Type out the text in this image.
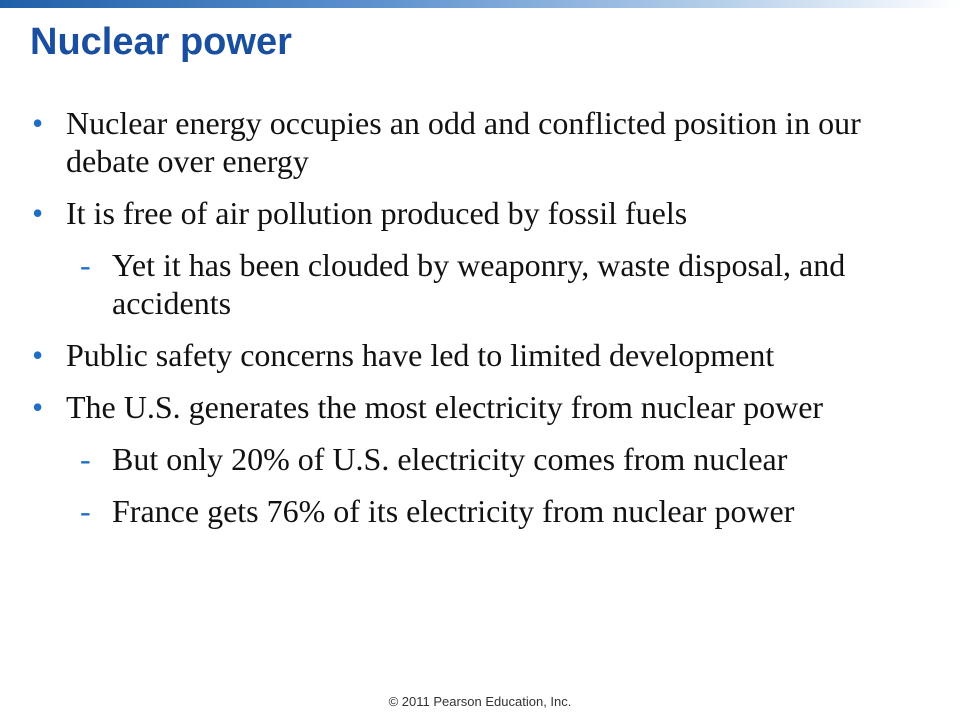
Nuclear power
• Nuclear energy occupies an odd and conflicted position in our debate over energy
• It is free of air pollution produced by fossil fuels
- Yet it has been clouded by weaponry, waste disposal, and accidents
• Public safety concerns have led to limited development
• The U.S. generates the most electricity from nuclear power
- But only 20% of U.S. electricity comes from nuclear
- France gets 76% of its electricity from nuclear power
© 2011 Pearson Education, Inc.
